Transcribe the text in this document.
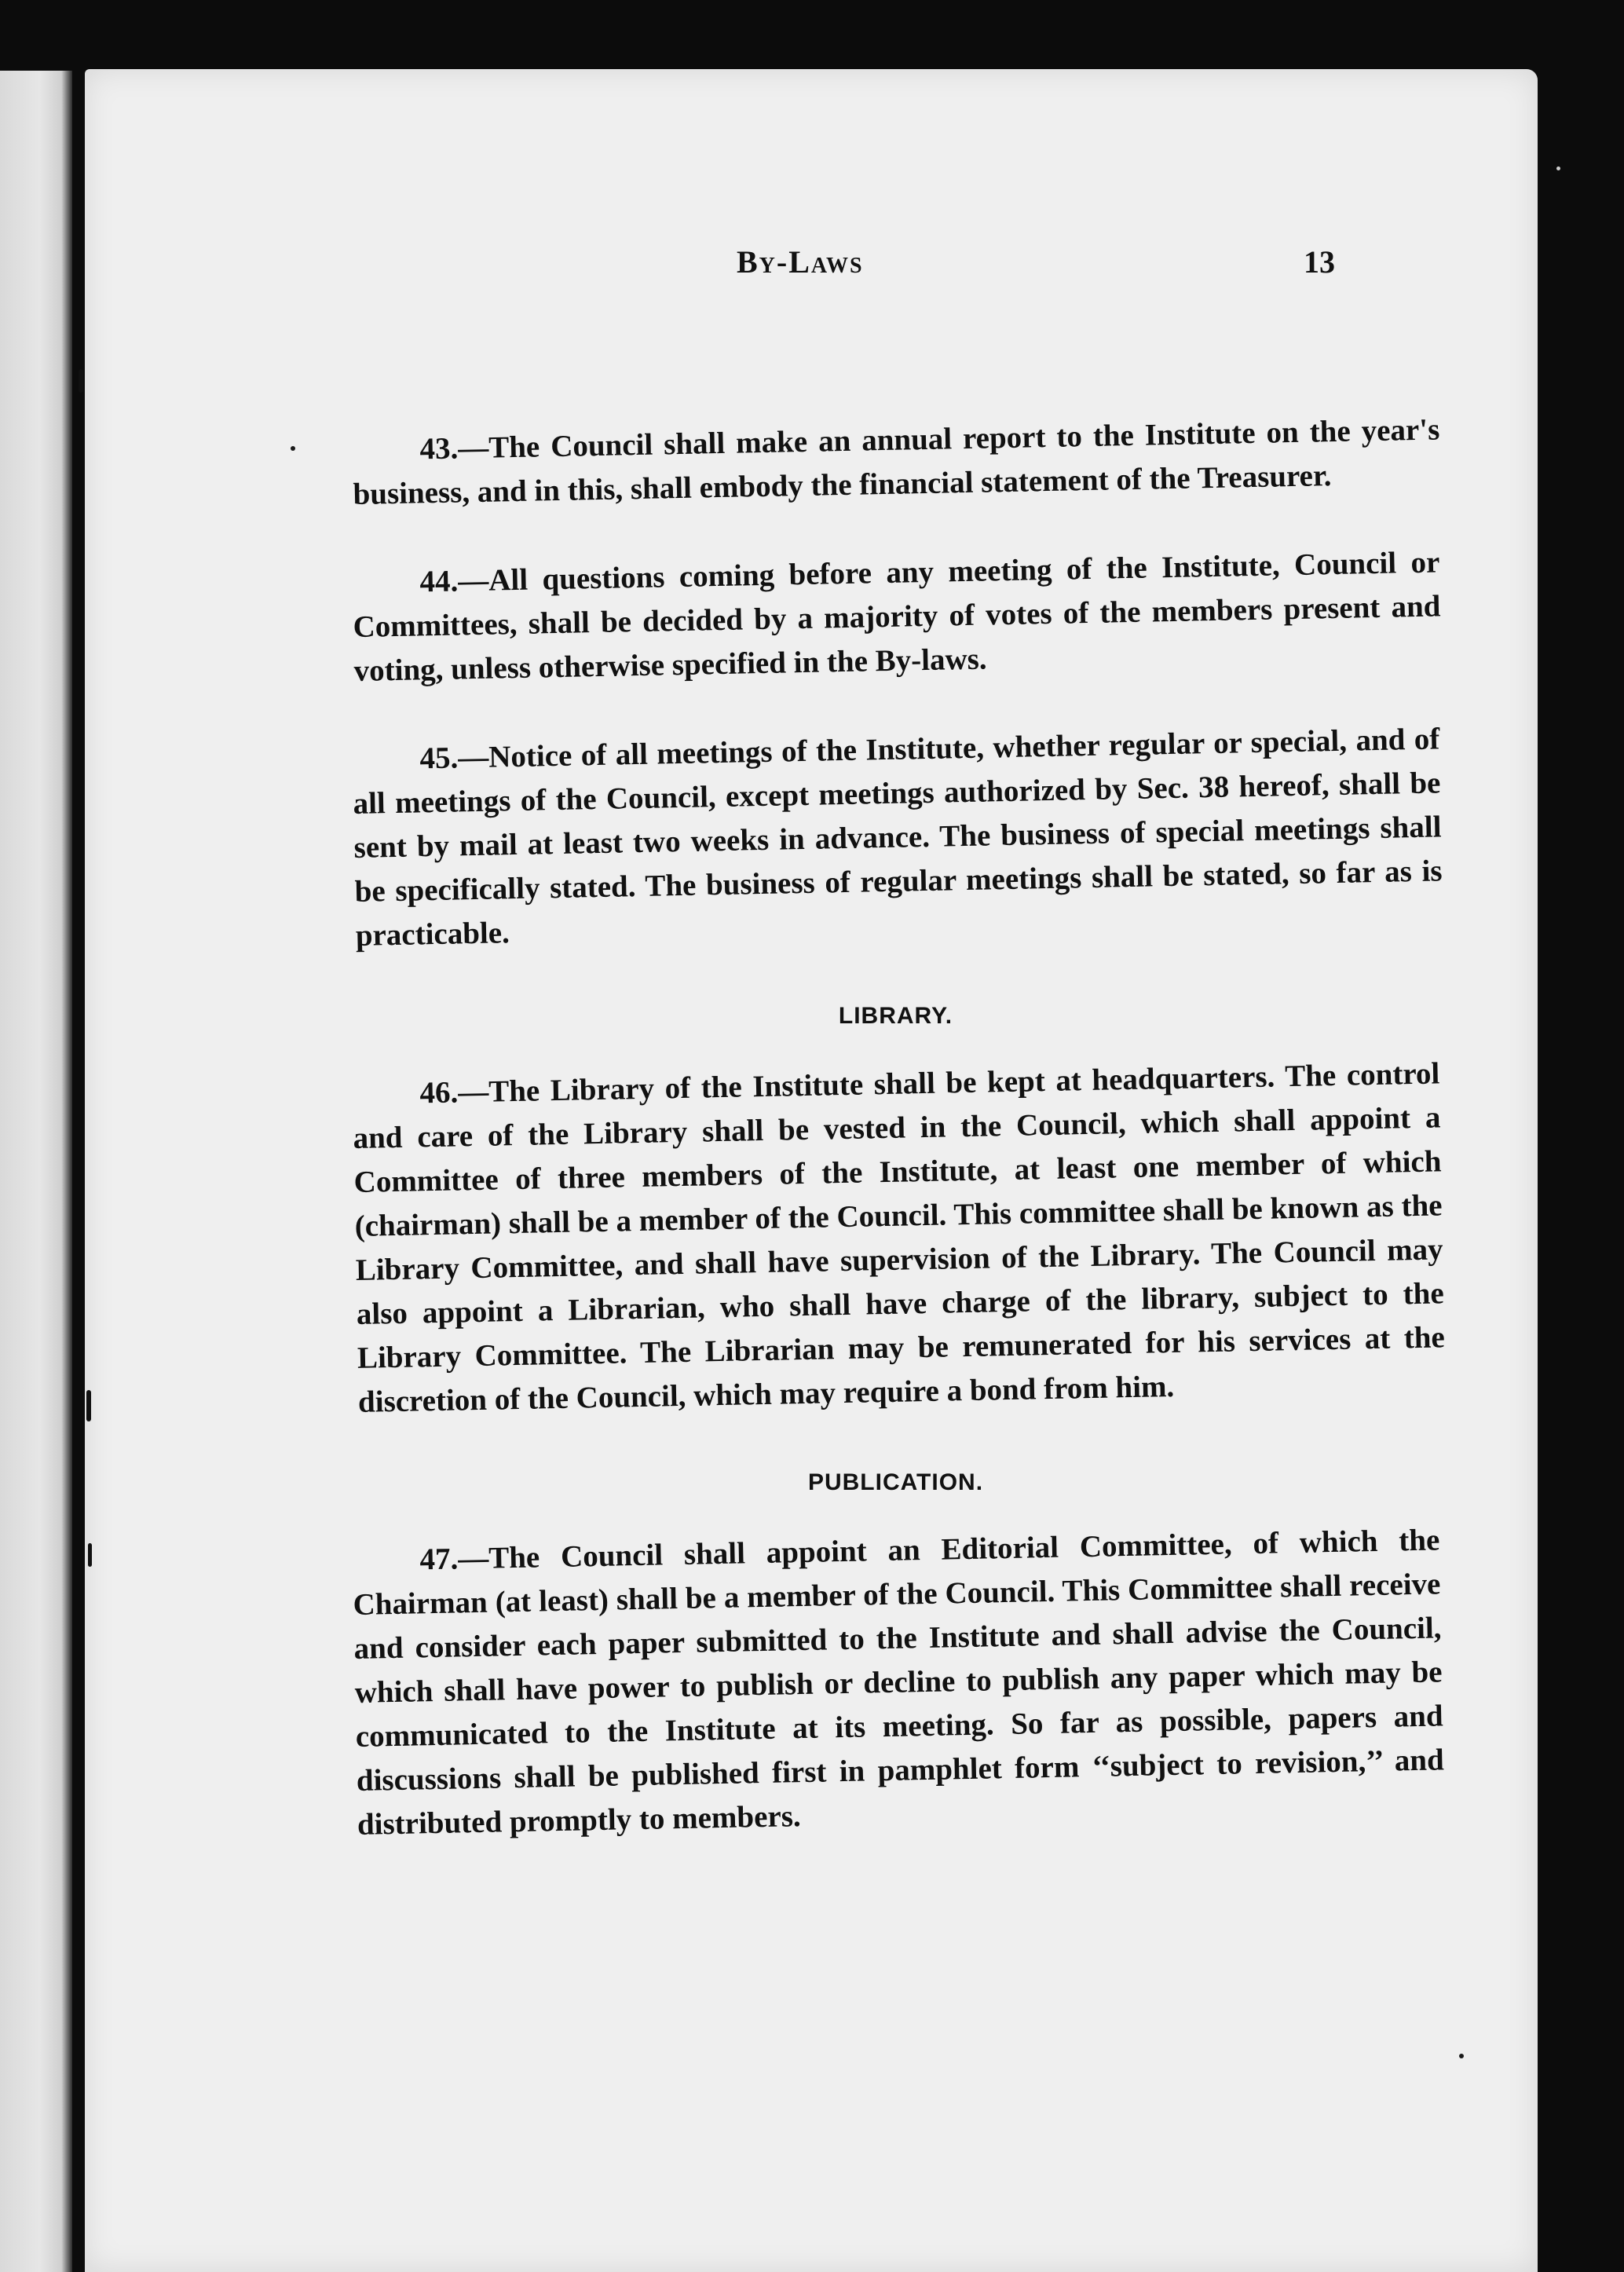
By-Laws	13

43.—The Council shall make an annual report to the Institute on the year's business, and in this, shall embody the financial statement of the Treasurer.

44.—All questions coming before any meeting of the Institute, Council or Committees, shall be decided by a majority of votes of the members present and voting, unless otherwise specified in the By-laws.

45.—Notice of all meetings of the Institute, whether regular or special, and of all meetings of the Council, except meetings authorized by Sec. 38 hereof, shall be sent by mail at least two weeks in advance. The business of special meetings shall be specifically stated. The business of regular meetings shall be stated, so far as is practicable.

LIBRARY.

46.—The Library of the Institute shall be kept at headquarters. The control and care of the Library shall be vested in the Council, which shall appoint a Committee of three members of the Institute, at least one member of which (chairman) shall be a member of the Council. This committee shall be known as the Library Committee, and shall have supervision of the Library. The Council may also appoint a Librarian, who shall have charge of the library, subject to the Library Committee. The Librarian may be remunerated for his services at the discretion of the Council, which may require a bond from him.

PUBLICATION.

47.—The Council shall appoint an Editorial Committee, of which the Chairman (at least) shall be a member of the Council. This Committee shall receive and consider each paper submitted to the Institute and shall advise the Council, which shall have power to publish or decline to publish any paper which may be communicated to the Institute at its meeting. So far as possible, papers and discussions shall be published first in pamphlet form ‘‘subject to revision,’’ and distributed promptly to members.
